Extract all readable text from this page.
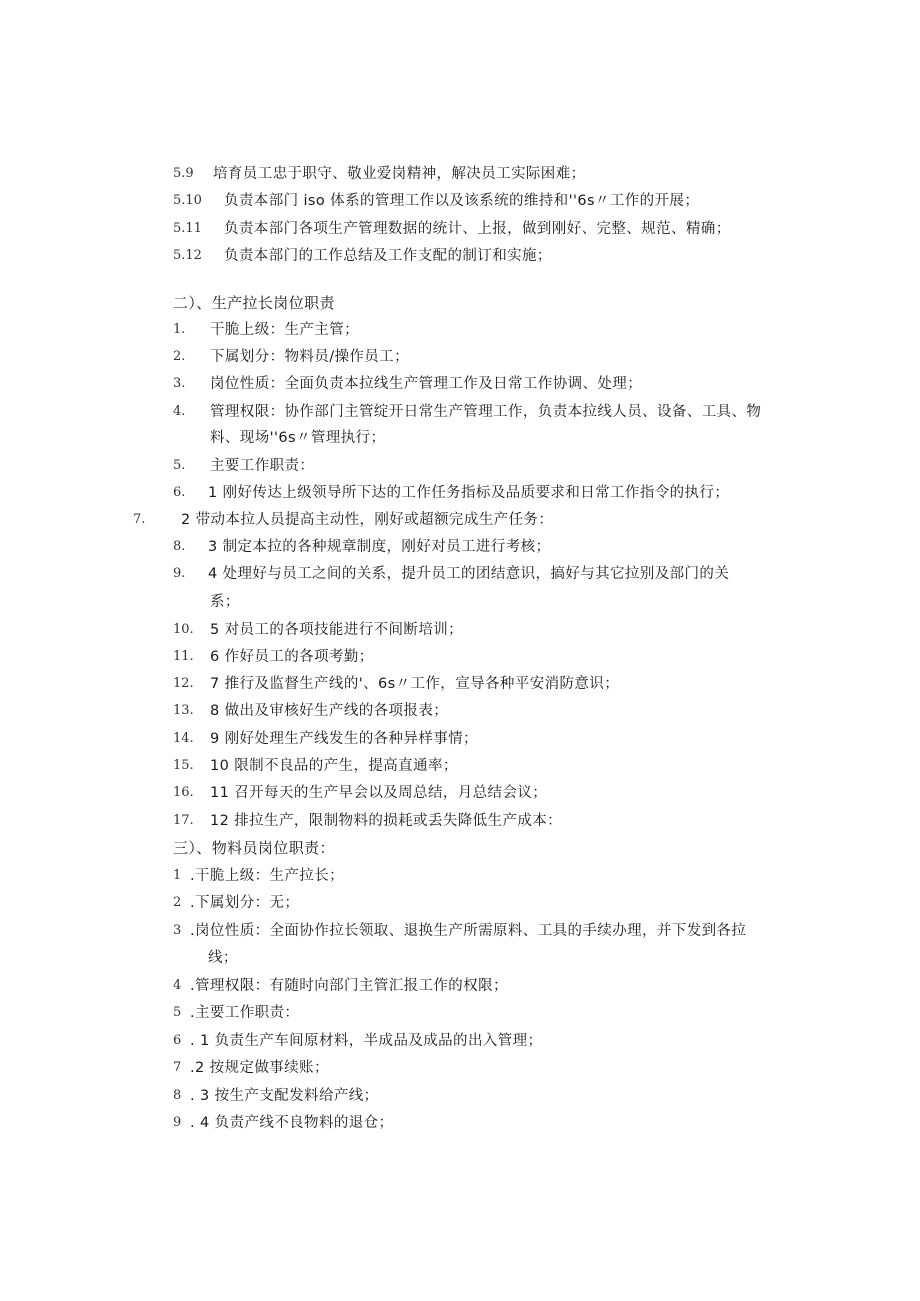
5.9 培育员工忠于职守、敬业爱岗精神，解决员工实际困难；
5.10 负责本部门 iso 体系的管理工作以及该系统的维持和''6s〃工作的开展；
5.11 负责本部门各项生产管理数据的统计、上报，做到刚好、完整、规范、精确；
5.12 负责本部门的工作总结及工作支配的制订和实施；
二）、生产拉长岗位职责
1. 干脆上级：生产主管；
2. 下属划分：物料员/操作员工；
3. 岗位性质：全面负责本拉线生产管理工作及日常工作协调、处理；
4. 管理权限：协作部门主管绽开日常生产管理工作，负责本拉线人员、设备、工具、物
料、现场''6s〃管理执行；
5. 主要工作职责：
6. 1 刚好传达上级领导所下达的工作任务指标及品质要求和日常工作指令的执行；
7. 2 带动本拉人员提高主动性，刚好或超额完成生产任务：
8. 3 制定本拉的各种规章制度，刚好对员工进行考核；
9. 4 处理好与员工之间的关系，提升员工的团结意识，搞好与其它拉别及部门的关
系；
10. 5 对员工的各项技能进行不间断培训；
11. 6 作好员工的各项考勤；
12. 7 推行及监督生产线的'、6s〃工作，宣导各种平安消防意识；
13. 8 做出及审核好生产线的各项报表；
14. 9 刚好处理生产线发生的各种异样事情；
15. 10 限制不良品的产生，提高直通率；
16. 11 召开每天的生产早会以及周总结，月总结会议；
17. 12 排拉生产，限制物料的损耗或丢失降低生产成本：
三）、物料员岗位职责：
1 .干脆上级：生产拉长；
2 .下属划分：无；
3 .岗位性质：全面协作拉长领取、退换生产所需原料、工具的手续办理，并下发到各拉
线；
4 .管理权限：有随时向部门主管汇报工作的权限；
5 .主要工作职责：
6 . 1 负责生产车间原材料，半成品及成品的出入管理；
7 .2 按规定做事续账；
8 . 3 按生产支配发料给产线；
9 . 4 负责产线不良物料的退仓；
